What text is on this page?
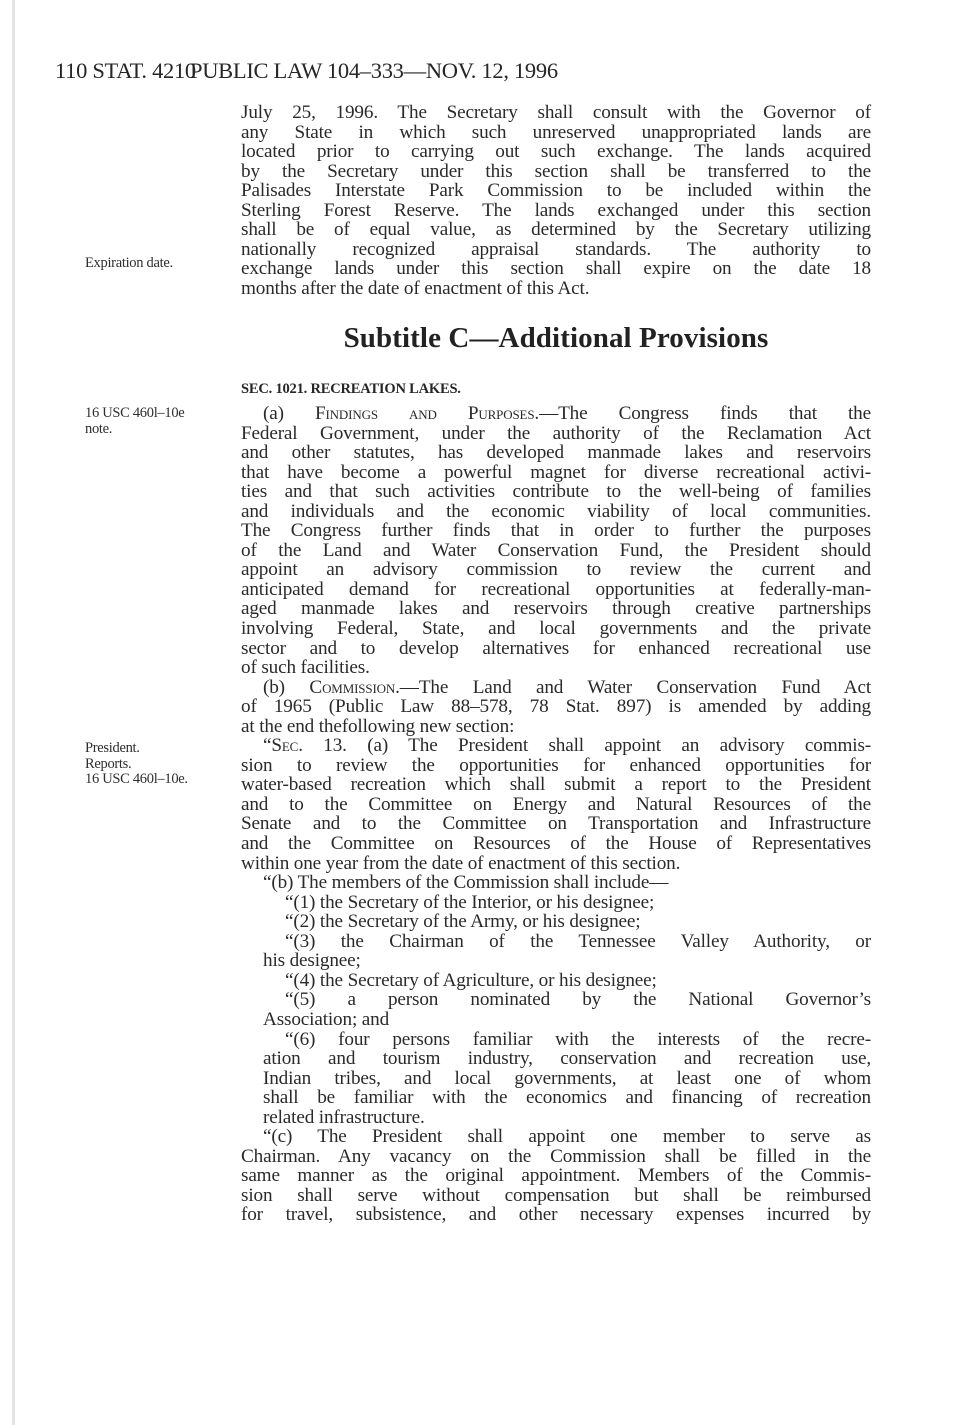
110 STAT. 4210
PUBLIC LAW 104–333—NOV. 12, 1996
Expiration date.
16 USC 460l–10e
note.
President.
Reports.
16 USC 460l–10e.
July 25, 1996. The Secretary shall consult with the Governor of
any State in which such unreserved unappropriated lands are
located prior to carrying out such exchange. The lands acquired
by the Secretary under this section shall be transferred to the
Palisades Interstate Park Commission to be included within the
Sterling Forest Reserve. The lands exchanged under this section
shall be of equal value, as determined by the Secretary utilizing
nationally recognized appraisal standards. The authority to
exchange lands under this section shall expire on the date 18
months after the date of enactment of this Act.
Subtitle C—Additional Provisions
SEC. 1021. RECREATION LAKES.
(a) Findings and Purposes.—The Congress finds that the
Federal Government, under the authority of the Reclamation Act
and other statutes, has developed manmade lakes and reservoirs
that have become a powerful magnet for diverse recreational activi-
ties and that such activities contribute to the well-being of families
and individuals and the economic viability of local communities.
The Congress further finds that in order to further the purposes
of the Land and Water Conservation Fund, the President should
appoint an advisory commission to review the current and
anticipated demand for recreational opportunities at federally-man-
aged manmade lakes and reservoirs through creative partnerships
involving Federal, State, and local governments and the private
sector and to develop alternatives for enhanced recreational use
of such facilities.
(b) Commission.—The Land and Water Conservation Fund Act
of 1965 (Public Law 88–578, 78 Stat. 897) is amended by adding
at the end thefollowing new section:
“Sec. 13. (a) The President shall appoint an advisory commis-
sion to review the opportunities for enhanced opportunities for
water-based recreation which shall submit a report to the President
and to the Committee on Energy and Natural Resources of the
Senate and to the Committee on Transportation and Infrastructure
and the Committee on Resources of the House of Representatives
within one year from the date of enactment of this section.
“(b) The members of the Commission shall include—
“(1) the Secretary of the Interior, or his designee;
“(2) the Secretary of the Army, or his designee;
“(3) the Chairman of the Tennessee Valley Authority, or
his designee;
“(4) the Secretary of Agriculture, or his designee;
“(5) a person nominated by the National Governor’s
Association; and
“(6) four persons familiar with the interests of the recre-
ation and tourism industry, conservation and recreation use,
Indian tribes, and local governments, at least one of whom
shall be familiar with the economics and financing of recreation
related infrastructure.
“(c) The President shall appoint one member to serve as
Chairman. Any vacancy on the Commission shall be filled in the
same manner as the original appointment. Members of the Commis-
sion shall serve without compensation but shall be reimbursed
for travel, subsistence, and other necessary expenses incurred by
